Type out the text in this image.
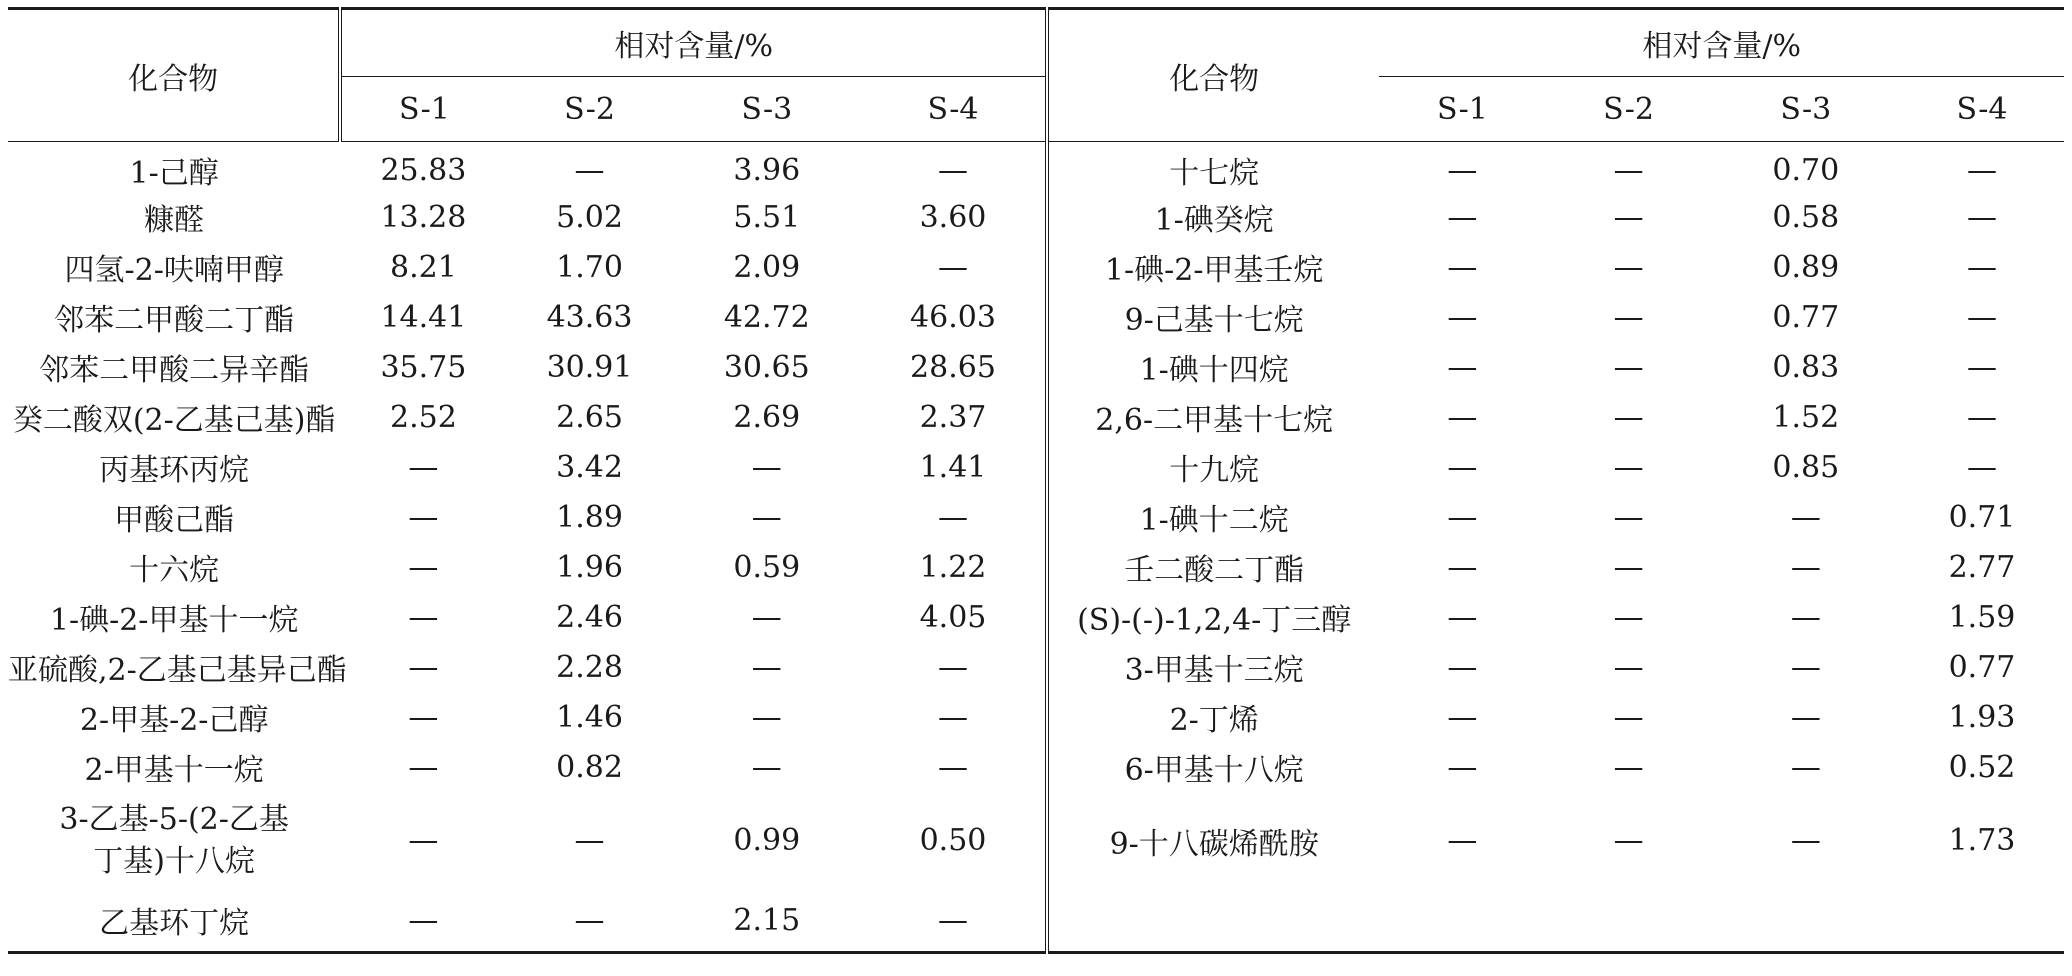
化合物	相对含量/%				化合物	相对含量/%			
	S-1	S-2	S-3	S-4		S-1	S-2	S-3	S-4
1-己醇	25.83	—	3.96	—	十七烷	—	—	0.70	—
糠醛	13.28	5.02	5.51	3.60	1-碘癸烷	—	—	0.58	—
四氢-2-呋喃甲醇	8.21	1.70	2.09	—	1-碘-2-甲基壬烷	—	—	0.89	—
邻苯二甲酸二丁酯	14.41	43.63	42.72	46.03	9-己基十七烷	—	—	0.77	—
邻苯二甲酸二异辛酯	35.75	30.91	30.65	28.65	1-碘十四烷	—	—	0.83	—
癸二酸双(2-乙基己基)酯	2.52	2.65	2.69	2.37	2,6-二甲基十七烷	—	—	1.52	—
丙基环丙烷	—	3.42	—	1.41	十九烷	—	—	0.85	—
甲酸己酯	—	1.89	—	—	1-碘十二烷	—	—	—	0.71
十六烷	—	1.96	0.59	1.22	壬二酸二丁酯	—	—	—	2.77
1-碘-2-甲基十一烷	—	2.46	—	4.05	(S)-(-)-1,2,4-丁三醇	—	—	—	1.59
亚硫酸,2-乙基己基异己酯	—	2.28	—	—	3-甲基十三烷	—	—	—	0.77
2-甲基-2-己醇	—	1.46	—	—	2-丁烯	—	—	—	1.93
2-甲基十一烷	—	0.82	—	—	6-甲基十八烷	—	—	—	0.52

3-乙基-5-(2-乙基
丁基)十八烷	—	—	0.99	0.50	9-十八碳烯酰胺	—	—	—	1.73
乙基环丁烷	—	—	2.15	—					
